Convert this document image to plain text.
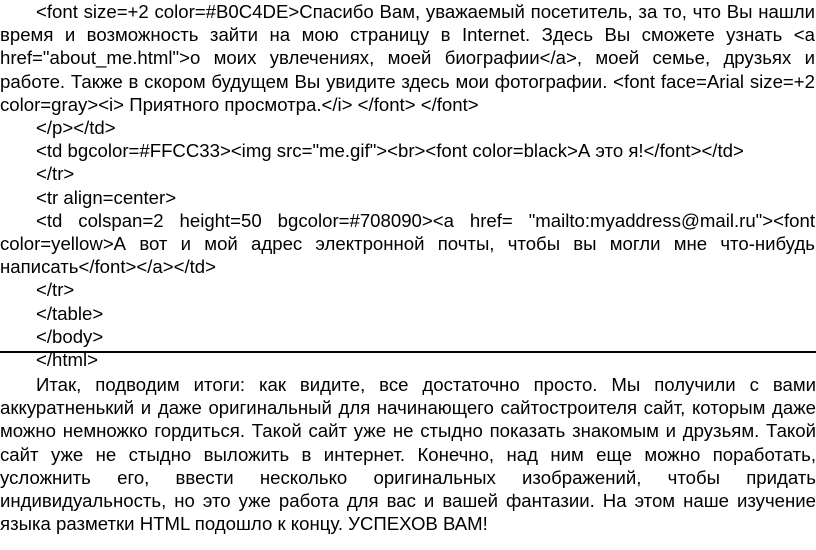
<font size=+2 color=#B0C4DE>Спасибо Вам, уважаемый посетитель, за то, что Вы нашли время и возможность зайти на мою страницу в Internet. Здесь Вы сможете узнать <a href="about_me.html">о моих увлечениях, моей биографии</a>, моей семье, друзьях и работе. Также в скором будущем Вы увидите здесь мои фотографии. <font face=Arial size=+2 color=gray><i> Приятного просмотра.</i> </font> </font>

</p></td>

<td bgcolor=#FFCC33><img src="me.gif"><br><font color=black>А это я!</font></td>

</tr>

<tr align=center>

<td colspan=2 height=50 bgcolor=#708090><a href= "mailto:myaddress@mail.ru"><font color=yellow>А вот и мой адрес электронной почты, чтобы вы могли мне что-нибудь написать</font></a></td>

</tr>

</table>

</body>

</html>

Итак, подводим итоги: как видите, все достаточно просто. Мы получили с вами аккуратненький и даже оригинальный для начинающего сайтостроителя сайт, которым даже можно немножко гордиться. Такой сайт уже не стыдно показать знакомым и друзьям. Такой сайт уже не стыдно выложить в интернет. Конечно, над ним еще можно поработать, усложнить его, ввести несколько оригинальных изображений, чтобы придать индивидуальность, но это уже работа для вас и вашей фантазии. На этом наше изучение языка разметки HTML подошло к концу. УСПЕХОВ ВАМ!
